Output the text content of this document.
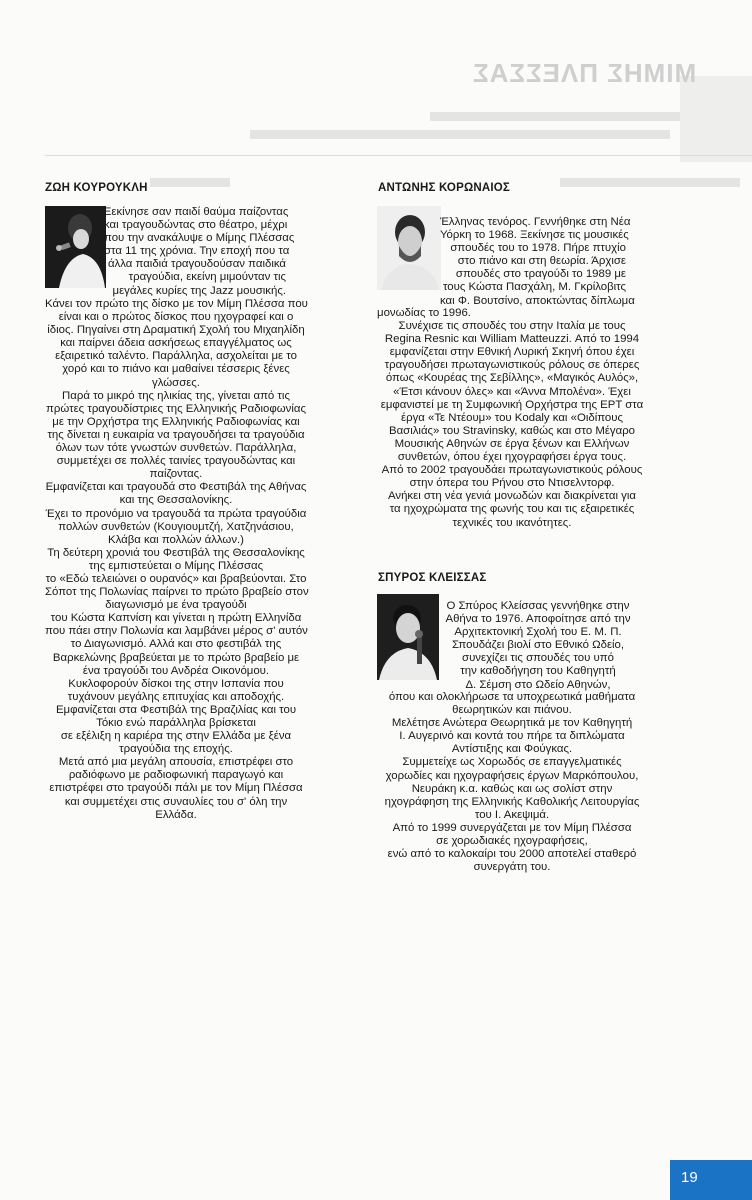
ΜΙΜΗΣ ΠΛΕΣΣΑΣ
ΖΩΗ ΚΟΥΡΟΥΚΛΗ

Ξεκίνησε σαν παιδί θαύμα παίζοντας

και τραγουδώντας στο θέατρο, μέχρι

που την ανακάλυψε ο Μίμης Πλέσσας

στα 11 της χρόνια. Την εποχή που τα

άλλα παιδιά τραγουδούσαν παιδικά

τραγούδια, εκείνη μιμούνταν τις

μεγάλες κυρίες της Jazz μουσικής.

Κάνει τον πρώτο της δίσκο με τον Μίμη Πλέσσα που

είναι και ο πρώτος δίσκος που ηχογραφεί και ο

ίδιος. Πηγαίνει στη Δραματική Σχολή του Μιχαηλίδη

και παίρνει άδεια ασκήσεως επαγγέλματος ως

εξαιρετικό ταλέντο. Παράλληλα, ασχολείται με το

χορό και το πιάνο και μαθαίνει τέσσερις ξένες

γλώσσες.

Παρά το μικρό της ηλικίας της, γίνεται από τις

πρώτες τραγουδίστριες της Ελληνικής Ραδιοφωνίας

με την Ορχήστρα της Ελληνικής Ραδιοφωνίας και

της δίνεται η ευκαιρία να τραγουδήσει τα τραγούδια

όλων των τότε γνωστών συνθετών. Παράλληλα,

συμμετέχει σε πολλές ταινίες τραγουδώντας και

παίζοντας.

Εμφανίζεται και τραγουδά στο Φεστιβάλ της Αθήνας

και της Θεσσαλονίκης.

Έχει το προνόμιο να τραγουδά τα πρώτα τραγούδια

πολλών συνθετών (Κουγιουμτζή, Χατζηνάσιου,

Κλάβα και πολλών άλλων.)

Τη δεύτερη χρονιά του Φεστιβάλ της Θεσσαλονίκης

της εμπιστεύεται ο Μίμης Πλέσσας

το «Εδώ τελειώνει ο ουρανός» και βραβεύονται. Στο

Σόποτ της Πολωνίας παίρνει το πρώτο βραβείο στον

διαγωνισμό με ένα τραγούδι

του Κώστα Καπνίση και γίνεται η πρώτη Ελληνίδα

που πάει στην Πολωνία και λαμβάνει μέρος σ' αυτόν

το Διαγωνισμό. Αλλά και στο φεστιβάλ της

Βαρκελώνης βραβεύεται με το πρώτο βραβείο με

ένα τραγούδι του Ανδρέα Οικονόμου.

Κυκλοφορούν δίσκοι της στην Ισπανία που

τυχάνουν μεγάλης επιτυχίας και αποδοχής.

Εμφανίζεται στα Φεστιβάλ της Βραζιλίας και του

Τόκιο ενώ παράλληλα βρίσκεται

σε εξέλιξη η καριέρα της στην Ελλάδα με ξένα

τραγούδια της εποχής.

Μετά από μια μεγάλη απουσία, επιστρέφει στο

ραδιόφωνο με ραδιοφωνική παραγωγό και

επιστρέφει στο τραγούδι πάλι με τον Μίμη Πλέσσα

και συμμετέχει στις συναυλίες του σ' όλη την

Ελλάδα.

ΑΝΤΩΝΗΣ ΚΟΡΩΝΑΙΟΣ

Έλληνας τενόρος. Γεννήθηκε στη Νέα

Υόρκη το 1968. Ξεκίνησε τις μουσικές

σπουδές του το 1978. Πήρε πτυχίο

στο πιάνο και στη θεωρία. Άρχισε

σπουδές στο τραγούδι το 1989 με

τους Κώστα Πασχάλη, Μ. Γκρίλοβιτς

και Φ. Βουτσίνο, αποκτώντας δίπλωμα

μονωδίας το 1996.

Συνέχισε τις σπουδές του στην Ιταλία με τους

Regina Resnic και William Matteuzzi. Από το 1994

εμφανίζεται στην Εθνική Λυρική Σκηνή όπου έχει

τραγουδήσει πρωταγωνιστικούς ρόλους σε όπερες

όπως «Κουρέας της Σεβίλλης», «Μαγικός Αυλός»,

«Έτσι κάνουν όλες» και «Άννα Μπολένα». Έχει

εμφανιστεί με τη Συμφωνική Ορχήστρα της ΕΡΤ στα

έργα «Τε Ντέουμ» του Kodaly και «Οιδίπους

Βασιλιάς» του Stravinsky, καθώς και στο Μέγαρο

Μουσικής Αθηνών σε έργα ξένων και Ελλήνων

συνθετών, όπου έχει ηχογραφήσει έργα τους.

Από το 2002 τραγουδάει πρωταγωνιστικούς ρόλους

στην όπερα του Ρήνου στο Ντισελντορφ.

Ανήκει στη νέα γενιά μονωδών και διακρίνεται για

τα ηχοχρώματα της φωνής του και τις εξαιρετικές

τεχνικές του ικανότητες.

ΣΠΥΡΟΣ ΚΛΕΙΣΣΑΣ

Ο Σπύρος Κλείσσας γεννήθηκε στην

Αθήνα το 1976. Αποφοίτησε από την

Αρχιτεκτονική Σχολή του Ε. Μ. Π.

Σπουδάζει βιολί στο Εθνικό Ωδείο,

συνεχίζει τις σπουδές του υπό

την καθοδήγηση του Καθηγητή

Δ. Σέμση στο Ωδείο Αθηνών,

όπου και ολοκλήρωσε τα υποχρεωτικά μαθήματα

θεωρητικών και πιάνου.

Μελέτησε Ανώτερα Θεωρητικά με τον Καθηγητή

Ι. Αυγερινό και κοντά του πήρε τα διπλώματα

Αντίστιξης και Φούγκας.

Συμμετείχε ως Χορωδός σε επαγγελματικές

χορωδίες και ηχογραφήσεις έργων Μαρκόπουλου,

Νευράκη κ.α. καθώς και ως σολίστ στην

ηχογράφηση της Ελληνικής Καθολικής Λειτουργίας

του Ι. Ακεψιμά.

Από το 1999 συνεργάζεται με τον Μίμη Πλέσσα

σε χορωδιακές ηχογραφήσεις,

ενώ από το καλοκαίρι του 2000 αποτελεί σταθερό

συνεργάτη του.

19
